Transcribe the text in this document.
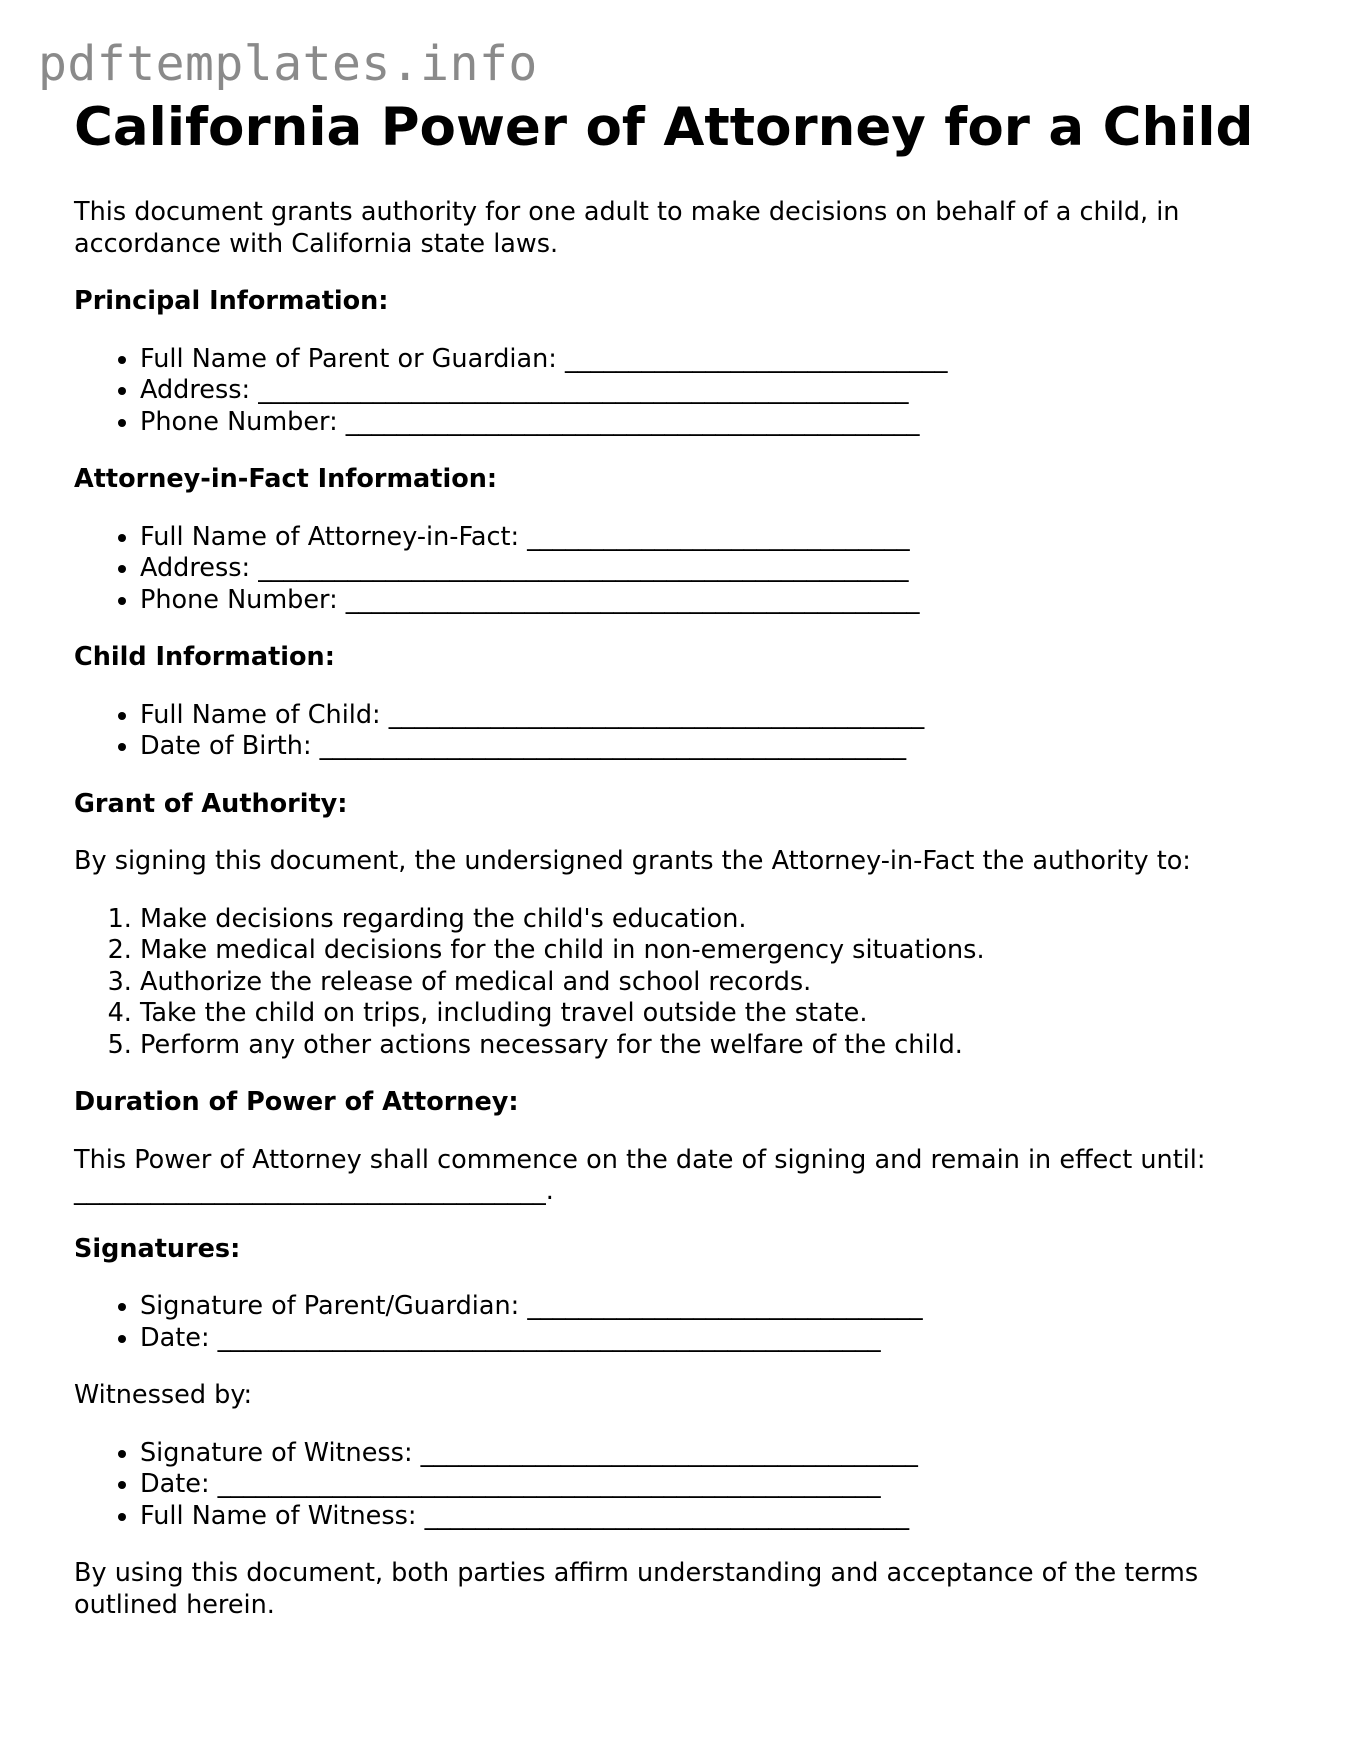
pdftemplates.info
California Power of Attorney for a Child

This document grants authority for one adult to make decisions on behalf of a child, in accordance with California state laws.

Principal Information:
• Full Name of Parent or Guardian: ______________________________
• Address: ___________________________________________________
• Phone Number: _____________________________________________
Attorney-in-Fact Information:
• Full Name of Attorney-in-Fact: ______________________________
• Address: ___________________________________________________
• Phone Number: _____________________________________________
Child Information:
• Full Name of Child: __________________________________________
• Date of Birth: ______________________________________________
Grant of Authority:

By signing this document, the undersigned grants the Attorney-in-Fact the authority to:

1. Make decisions regarding the child's education.
2. Make medical decisions for the child in non-emergency situations.
3. Authorize the release of medical and school records.
4. Take the child on trips, including travel outside the state.
5. Perform any other actions necessary for the welfare of the child.
Duration of Power of Attorney:

This Power of Attorney shall commence on the date of signing and remain in effect until: _____________________________________.

Signatures:
• Signature of Parent/Guardian: _______________________________
• Date: ____________________________________________________

Witnessed by:

• Signature of Witness: _______________________________________
• Date: ____________________________________________________
• Full Name of Witness: ______________________________________

By using this document, both parties affirm understanding and acceptance of the terms outlined herein.
